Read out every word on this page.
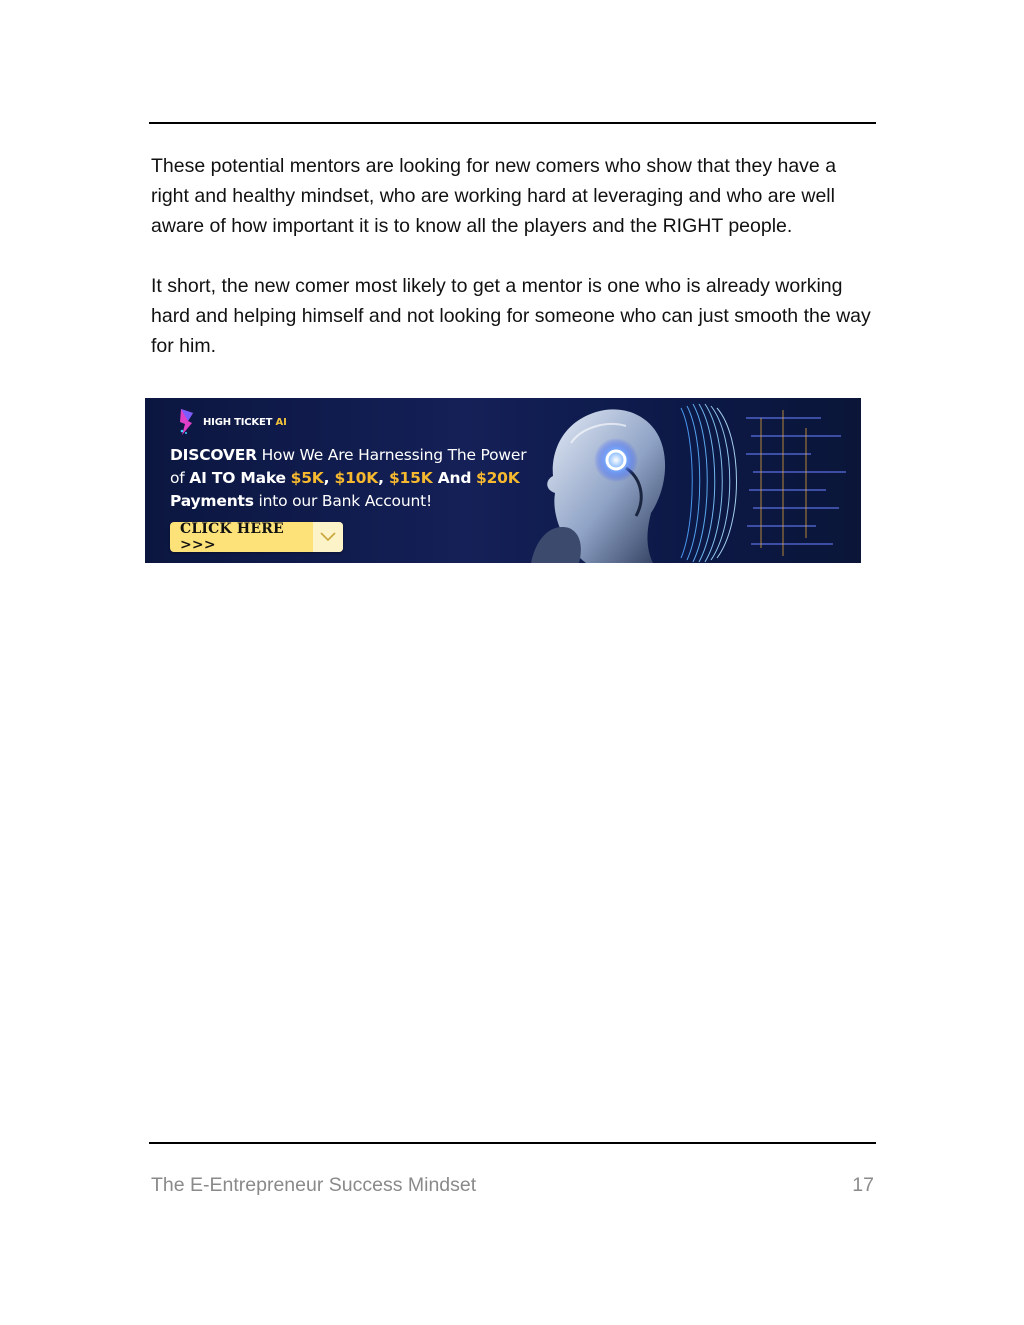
These potential mentors are looking for new comers who show that they have a right and healthy mindset, who are working hard at leveraging and who are well aware of how important it is to know all the players and the RIGHT people.

It short, the new comer most likely to get a mentor is one who is already working hard and helping himself and not looking for someone who can just smooth the way for him.

HIGH TICKET AI
DISCOVER How We Are Harnessing The Power of AI TO Make $5K, $10K, $15K And $20K Payments into our Bank Account!
CLICK HERE >>>
The E-Entrepreneur Success Mindset	17
